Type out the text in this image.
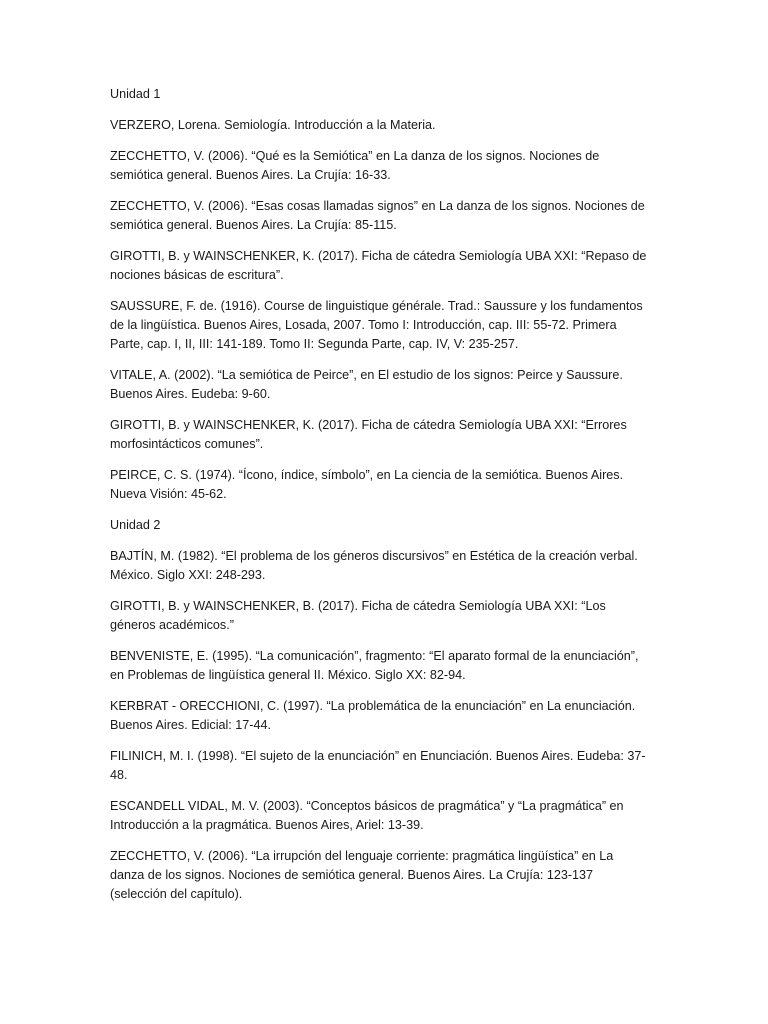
Unidad 1
VERZERO, Lorena. Semiología. Introducción a la Materia.
ZECCHETTO, V. (2006). “Qué es la Semiótica” en La danza de los signos. Nociones de semiótica general. Buenos Aires. La Crujía: 16-33.
ZECCHETTO, V. (2006). “Esas cosas llamadas signos” en La danza de los signos. Nociones de semiótica general. Buenos Aires. La Crujía: 85-115.
GIROTTI, B. y WAINSCHENKER, K. (2017). Ficha de cátedra Semiología UBA XXI: “Repaso de nociones básicas de escritura”.
SAUSSURE, F. de. (1916). Course de linguistique générale. Trad.: Saussure y los fundamentos de la lingüística. Buenos Aires, Losada, 2007. Tomo I: Introducción, cap. III: 55-72. Primera Parte, cap. I, II, III: 141-189. Tomo II: Segunda Parte, cap. IV, V: 235-257.
VITALE, A. (2002). “La semiótica de Peirce”, en El estudio de los signos: Peirce y Saussure. Buenos Aires. Eudeba: 9-60.
GIROTTI, B. y WAINSCHENKER, K. (2017). Ficha de cátedra Semiología UBA XXI: “Errores morfosintácticos comunes”.
PEIRCE, C. S. (1974). “Ícono, índice, símbolo”, en La ciencia de la semiótica. Buenos Aires. Nueva Visión: 45-62.
Unidad 2
BAJTÍN, M. (1982). “El problema de los géneros discursivos” en Estética de la creación verbal. México. Siglo XXI: 248-293.
GIROTTI, B. y WAINSCHENKER, B. (2017). Ficha de cátedra Semiología UBA XXI: “Los géneros académicos.”
BENVENISTE, E. (1995). “La comunicación”, fragmento: “El aparato formal de la enunciación”, en Problemas de lingüística general II. México. Siglo XX: 82-94.
KERBRAT - ORECCHIONI, C. (1997). “La problemática de la enunciación” en La enunciación. Buenos Aires. Edicial: 17-44.
FILINICH, M. I. (1998). “El sujeto de la enunciación” en Enunciación. Buenos Aires. Eudeba: 37-48.
ESCANDELL VIDAL, M. V. (2003). “Conceptos básicos de pragmática” y “La pragmática” en Introducción a la pragmática. Buenos Aires, Ariel: 13-39.
ZECCHETTO, V. (2006). “La irrupción del lenguaje corriente: pragmática lingüística” en La danza de los signos. Nociones de semiótica general. Buenos Aires. La Crujía: 123-137 (selección del capítulo).
